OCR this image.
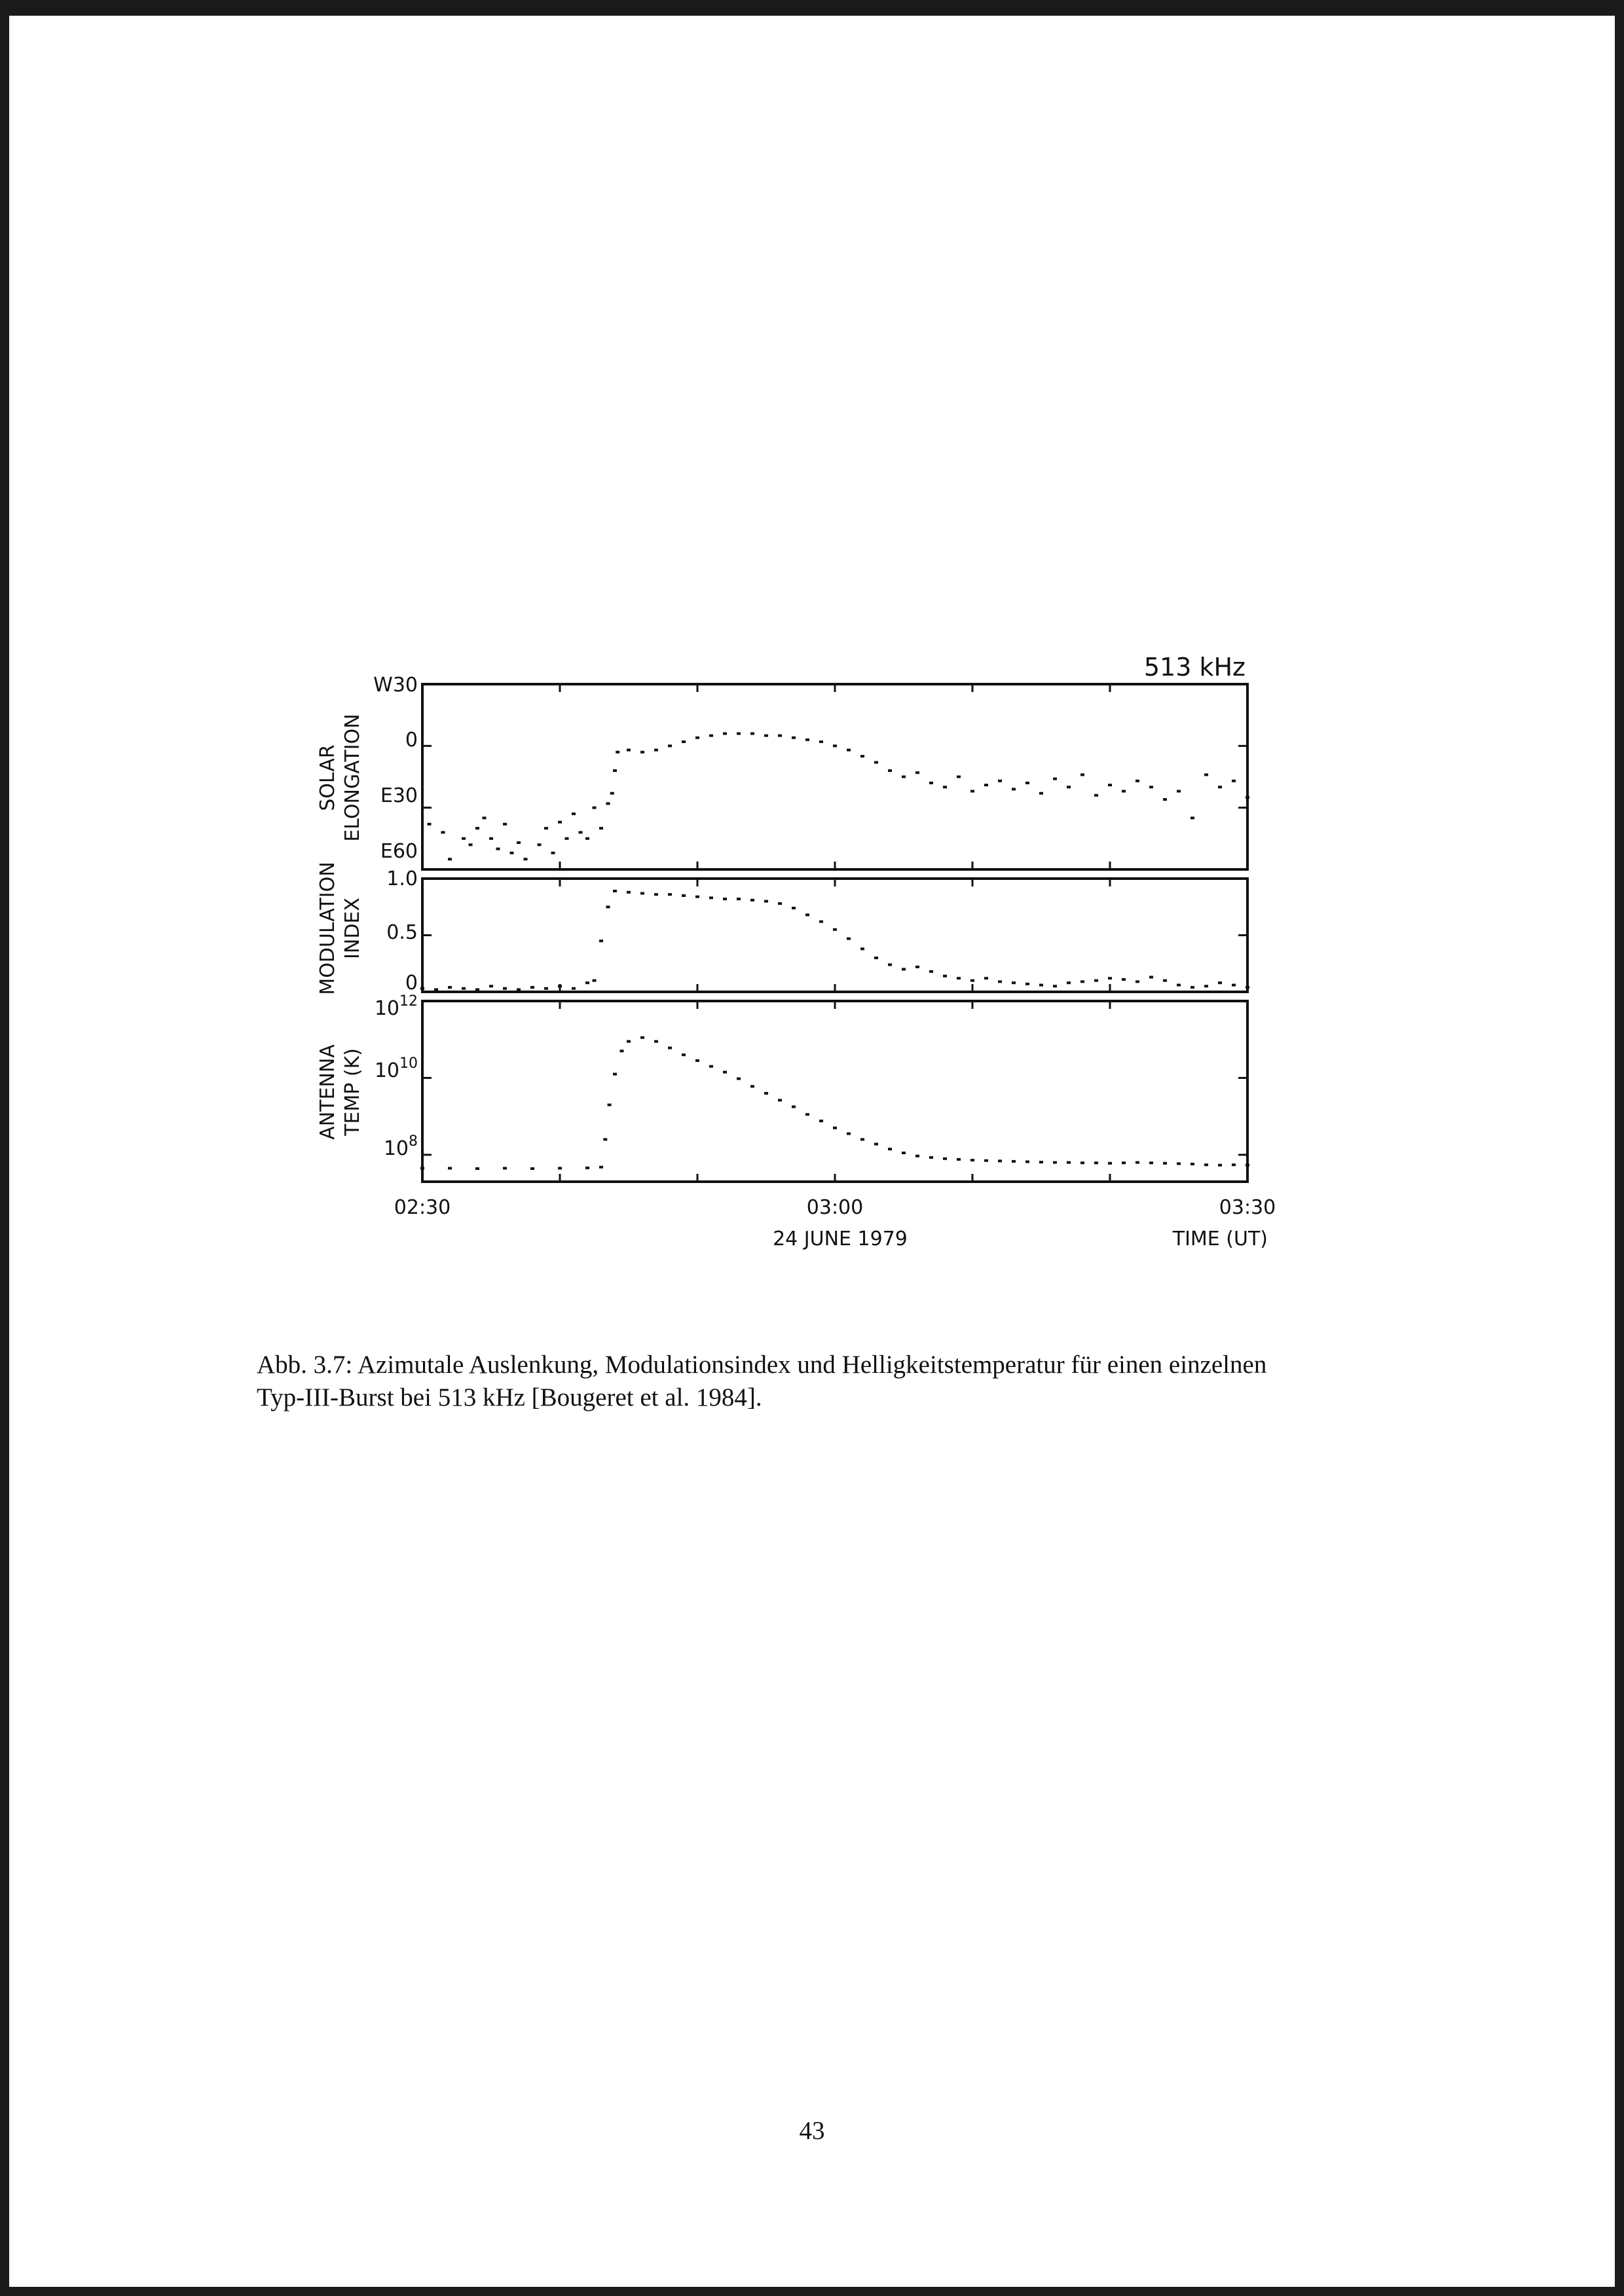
513 kHz
W30
0
E30
E60
1.0
0.5
0
$10^{12}$
$10^{10}$
$10^8$
SOLAR ELONGATION
MODULATION INDEX
ANTENNA TEMP (K)
02:30	03:00	03:30
24 JUNE 1979	TIME (UT)
Abb. 3.7: Azimutale Auslenkung, Modulationsindex und Helligkeitstemperatur für einen einzelnen
Typ-III-Burst bei 513 kHz [Bougeret et al. 1984].
43
